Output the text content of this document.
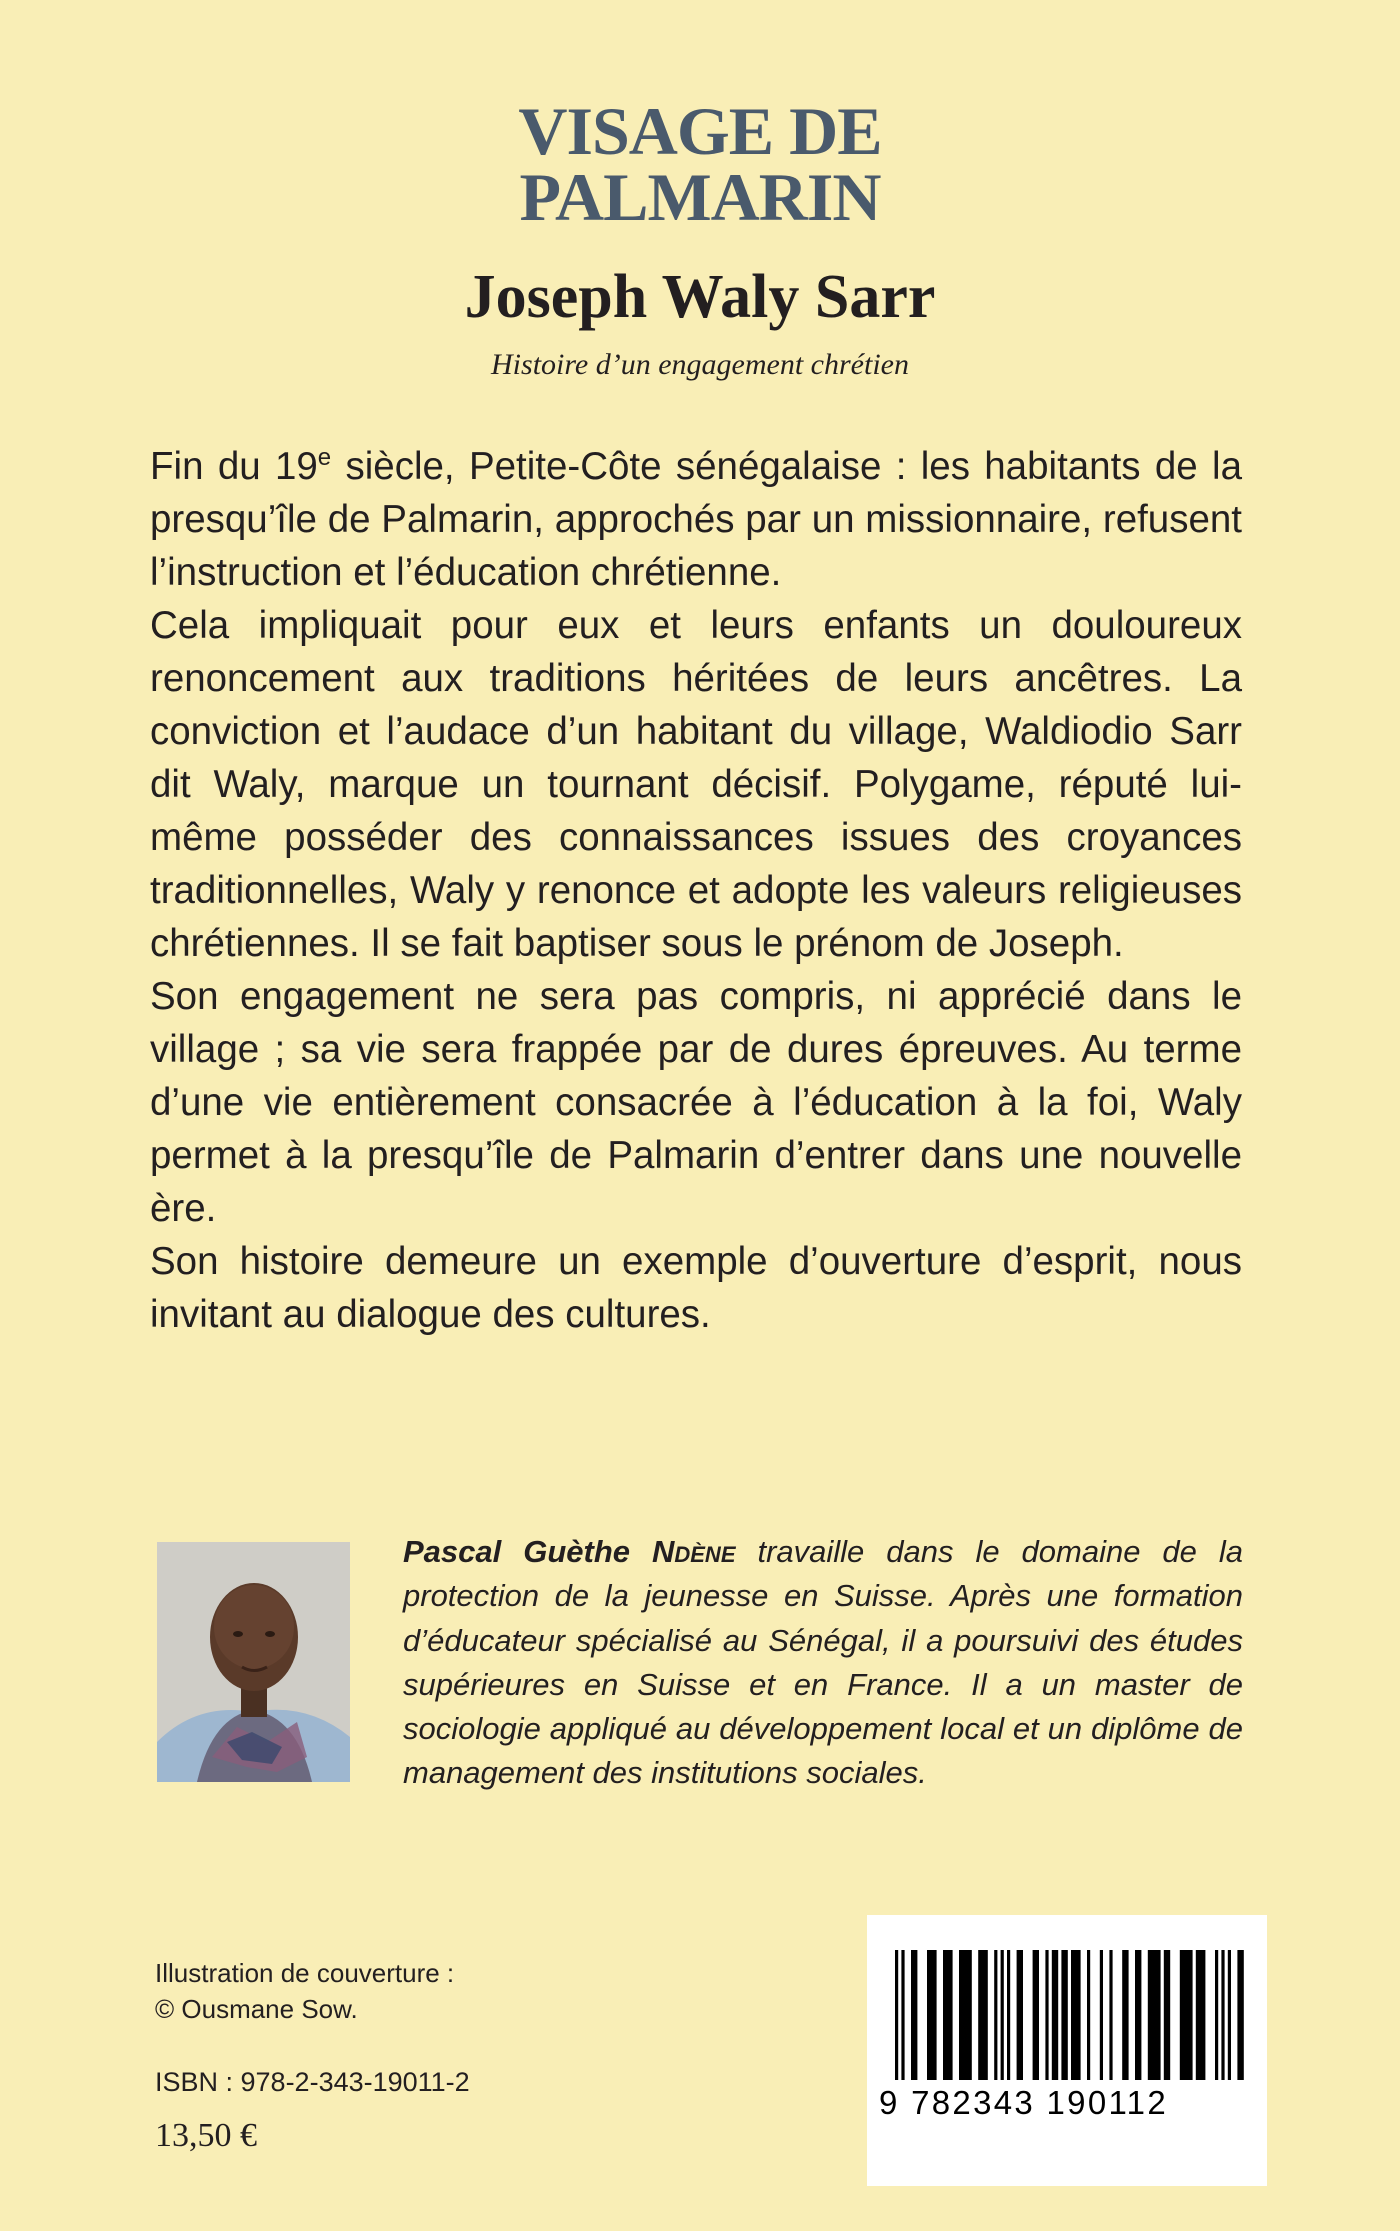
VISAGE DE
PALMARIN
Joseph Waly Sarr
Histoire d’un engagement chrétien

Fin du 19e siècle, Petite-Côte sénégalaise : les habitants de la presqu’île de Palmarin, approchés par un missionnaire, refusent l’instruction et l’éducation chrétienne.

Cela impliquait pour eux et leurs enfants un douloureux renoncement aux traditions héritées de leurs ancêtres. La conviction et l’audace d’un habitant du village, Waldiodio Sarr dit Waly, marque un tournant décisif. Polygame, réputé lui-même posséder des connaissances issues des croyances traditionnelles, Waly y renonce et adopte les valeurs religieuses chrétiennes. Il se fait baptiser sous le prénom de Joseph.

Son engagement ne sera pas compris, ni apprécié dans le village ; sa vie sera frappée par de dures épreuves. Au terme d’une vie entièrement consacrée à l’éducation à la foi, Waly permet à la presqu’île de Palmarin d’entrer dans une nouvelle ère.

Son histoire demeure un exemple d’ouverture d’esprit, nous invitant au dialogue des cultures.

Pascal Guèthe Ndène travaille dans le domaine de la protection de la jeunesse en Suisse. Après une formation d’éducateur spécialisé au Sénégal, il a poursuivi des études supérieures en Suisse et en France. Il a un master de sociologie appliqué au développement local et un diplôme de management des institutions sociales.
Illustration de couverture :
© Ousmane Sow.
ISBN : 978-2-343-19011-2
13,50 €
9 782343 190112
